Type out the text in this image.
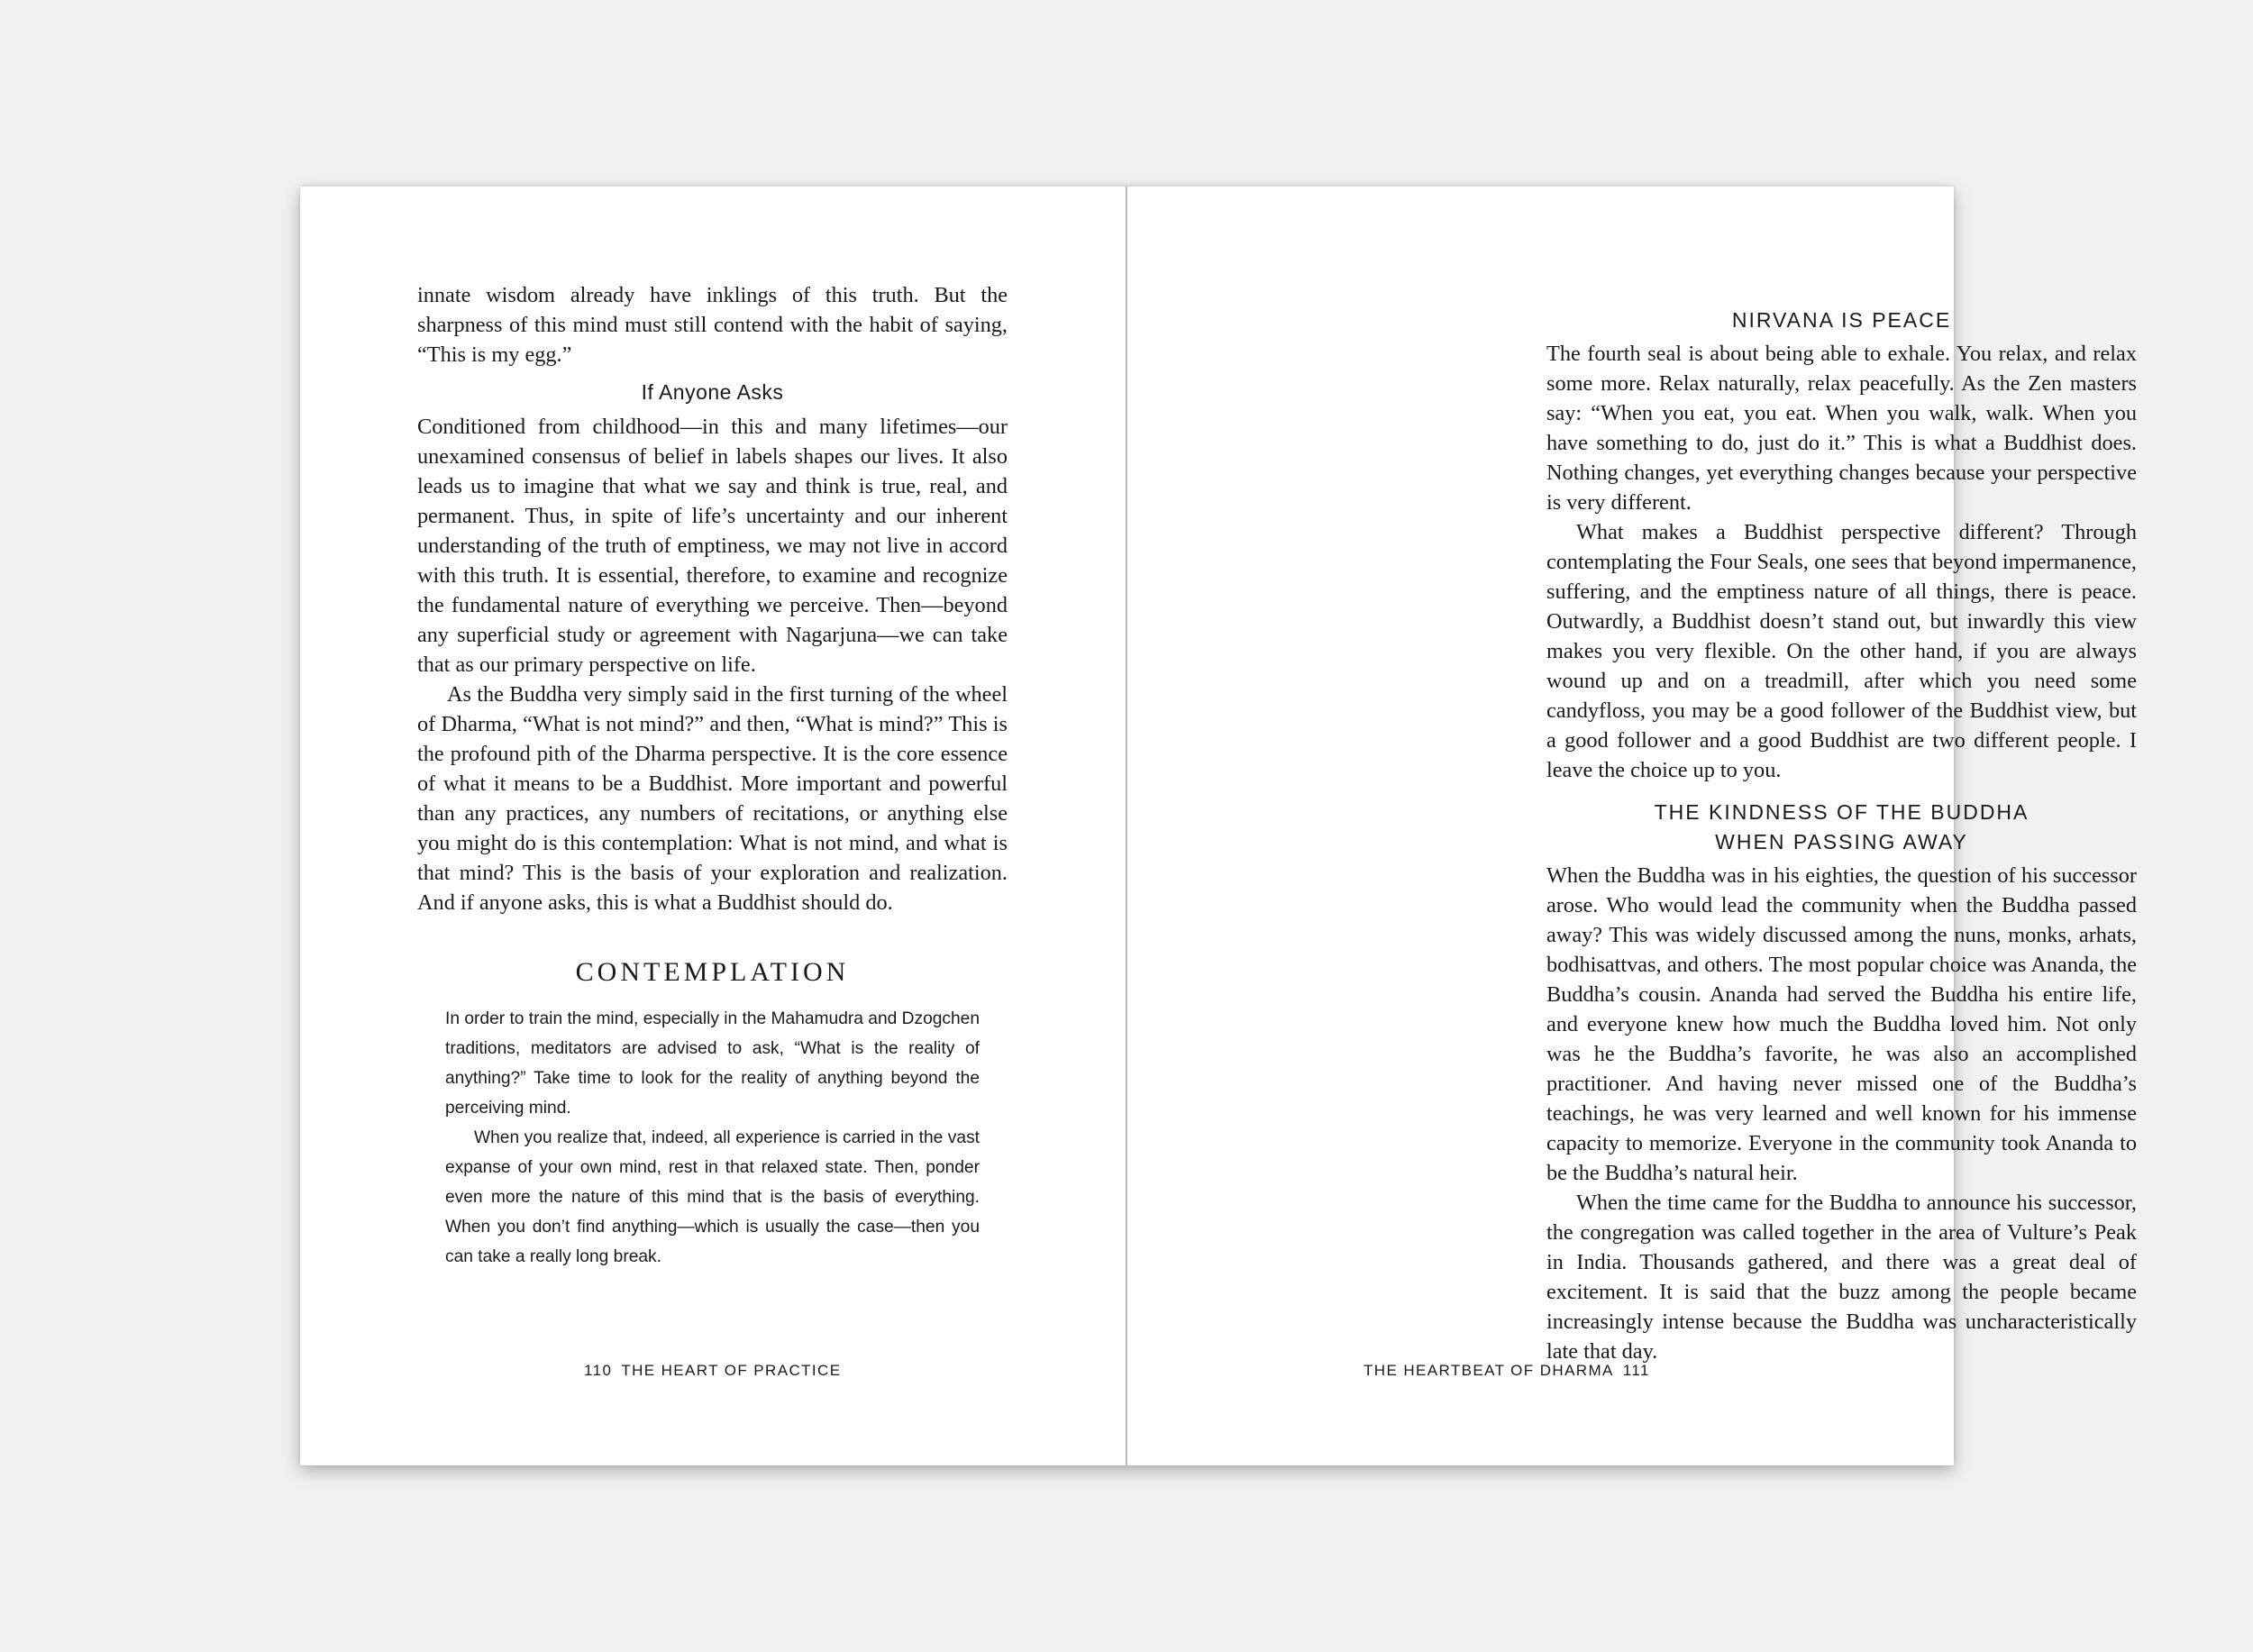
innate wisdom already have inklings of this truth. But the sharpness of this mind must still contend with the habit of saying, “This is my egg.”

If Anyone Asks

Conditioned from childhood—in this and many lifetimes—our unexamined consensus of belief in labels shapes our lives. It also leads us to imagine that what we say and think is true, real, and permanent. Thus, in spite of life’s uncertainty and our inherent understanding of the truth of emptiness, we may not live in accord with this truth. It is essential, therefore, to examine and recognize the fundamental nature of everything we perceive. Then—beyond any superficial study or agreement with Nagarjuna—we can take that as our primary perspective on life.

As the Buddha very simply said in the first turning of the wheel of Dharma, “What is not mind?” and then, “What is mind?” This is the profound pith of the Dharma perspective. It is the core essence of what it means to be a Buddhist. More important and powerful than any practices, any numbers of recitations, or anything else you might do is this contemplation: What is not mind, and what is that mind? This is the basis of your exploration and realization. And if anyone asks, this is what a Buddhist should do.

CONTEMPLATION

In order to train the mind, especially in the Mahamudra and Dzogchen traditions, meditators are advised to ask, “What is the reality of anything?” Take time to look for the reality of anything beyond the perceiving mind.

When you realize that, indeed, all experience is carried in the vast expanse of your own mind, rest in that relaxed state. Then, ponder even more the nature of this mind that is the basis of everything. When you don’t find anything—which is usually the case—then you can take a really long break.

110 THE HEART OF PRACTICE
NIRVANA IS PEACE

The fourth seal is about being able to exhale. You relax, and relax some more. Relax naturally, relax peacefully. As the Zen masters say: “When you eat, you eat. When you walk, walk. When you have something to do, just do it.” This is what a Buddhist does. Nothing changes, yet everything changes because your perspective is very different.

What makes a Buddhist perspective different? Through contemplating the Four Seals, one sees that beyond impermanence, suffering, and the emptiness nature of all things, there is peace. Outwardly, a Buddhist doesn’t stand out, but inwardly this view makes you very flexible. On the other hand, if you are always wound up and on a treadmill, after which you need some candyfloss, you may be a good follower of the Buddhist view, but a good follower and a good Buddhist are two different people. I leave the choice up to you.

THE KINDNESS OF THE BUDDHA
WHEN PASSING AWAY

When the Buddha was in his eighties, the question of his successor arose. Who would lead the community when the Buddha passed away? This was widely discussed among the nuns, monks, arhats, bodhisattvas, and others. The most popular choice was Ananda, the Buddha’s cousin. Ananda had served the Buddha his entire life, and everyone knew how much the Buddha loved him. Not only was he the Buddha’s favorite, he was also an accomplished practitioner. And having never missed one of the Buddha’s teachings, he was very learned and well known for his immense capacity to memorize. Everyone in the community took Ananda to be the Buddha’s natural heir.

When the time came for the Buddha to announce his successor, the congregation was called together in the area of Vulture’s Peak in India. Thousands gathered, and there was a great deal of excitement. It is said that the buzz among the people became increasingly intense because the Buddha was uncharacteristically late that day.

THE HEARTBEAT OF DHARMA 111
